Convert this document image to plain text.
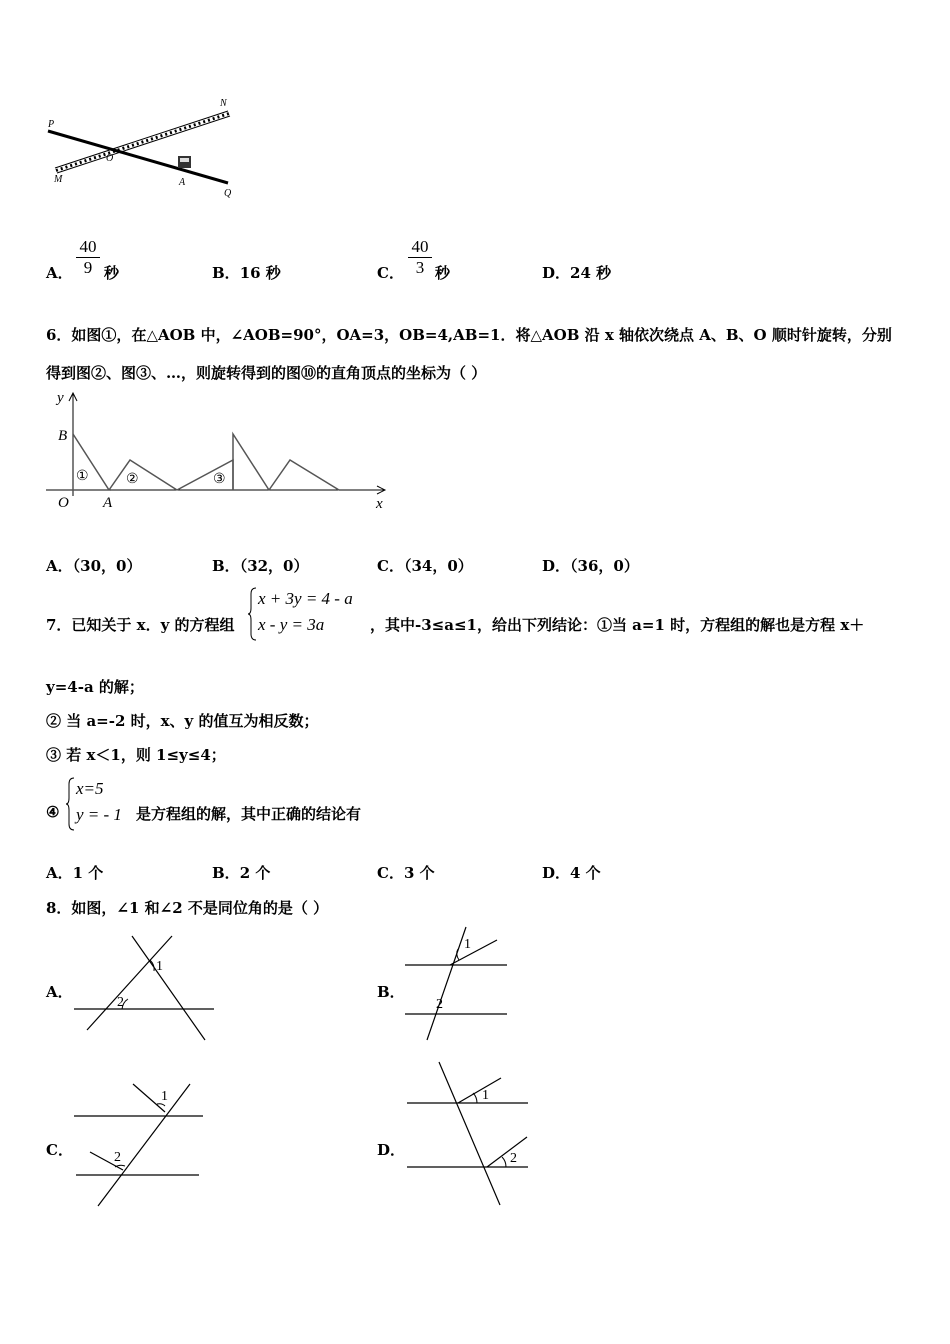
P
N
M
O
A
Q
A．
40
9 秒	B．16 秒	C．
40
3 秒	D．24 秒
6．如图①，在△AOB 中，∠AOB=90°，OA=3，OB=4,AB=1．将△AOB 沿 x 轴依次绕点 A、B、O 顺时针旋转，分别
得到图②、图③、…，则旋转得到的图⑩的直角顶点的坐标为（ ）
y
x
B
O A
①	②	③
A．（30，0）	B．（32，0）	C．（34，0）	D．（36，0）
7．已知关于 x．y 的方程组
x + 3y = 4 - a
x - y = 3a	，其中-3≤a≤1，给出下列结论：①当 a=1 时，方程组的解也是方程 x＋
y=4-a 的解；
② 当 a=-2 时，x、y 的值互为相反数；
③ 若 x＜1，则 1≤y≤4；
④
x=5
y = - 1 是方程组的解，其中正确的结论有
A．1 个	B．2 个	C．3 个	D．4 个
8．如图，∠1 和∠2 不是同位角的是（ ）
A．
1
2
B．
1
2
C．
1
2	D．
1
2
